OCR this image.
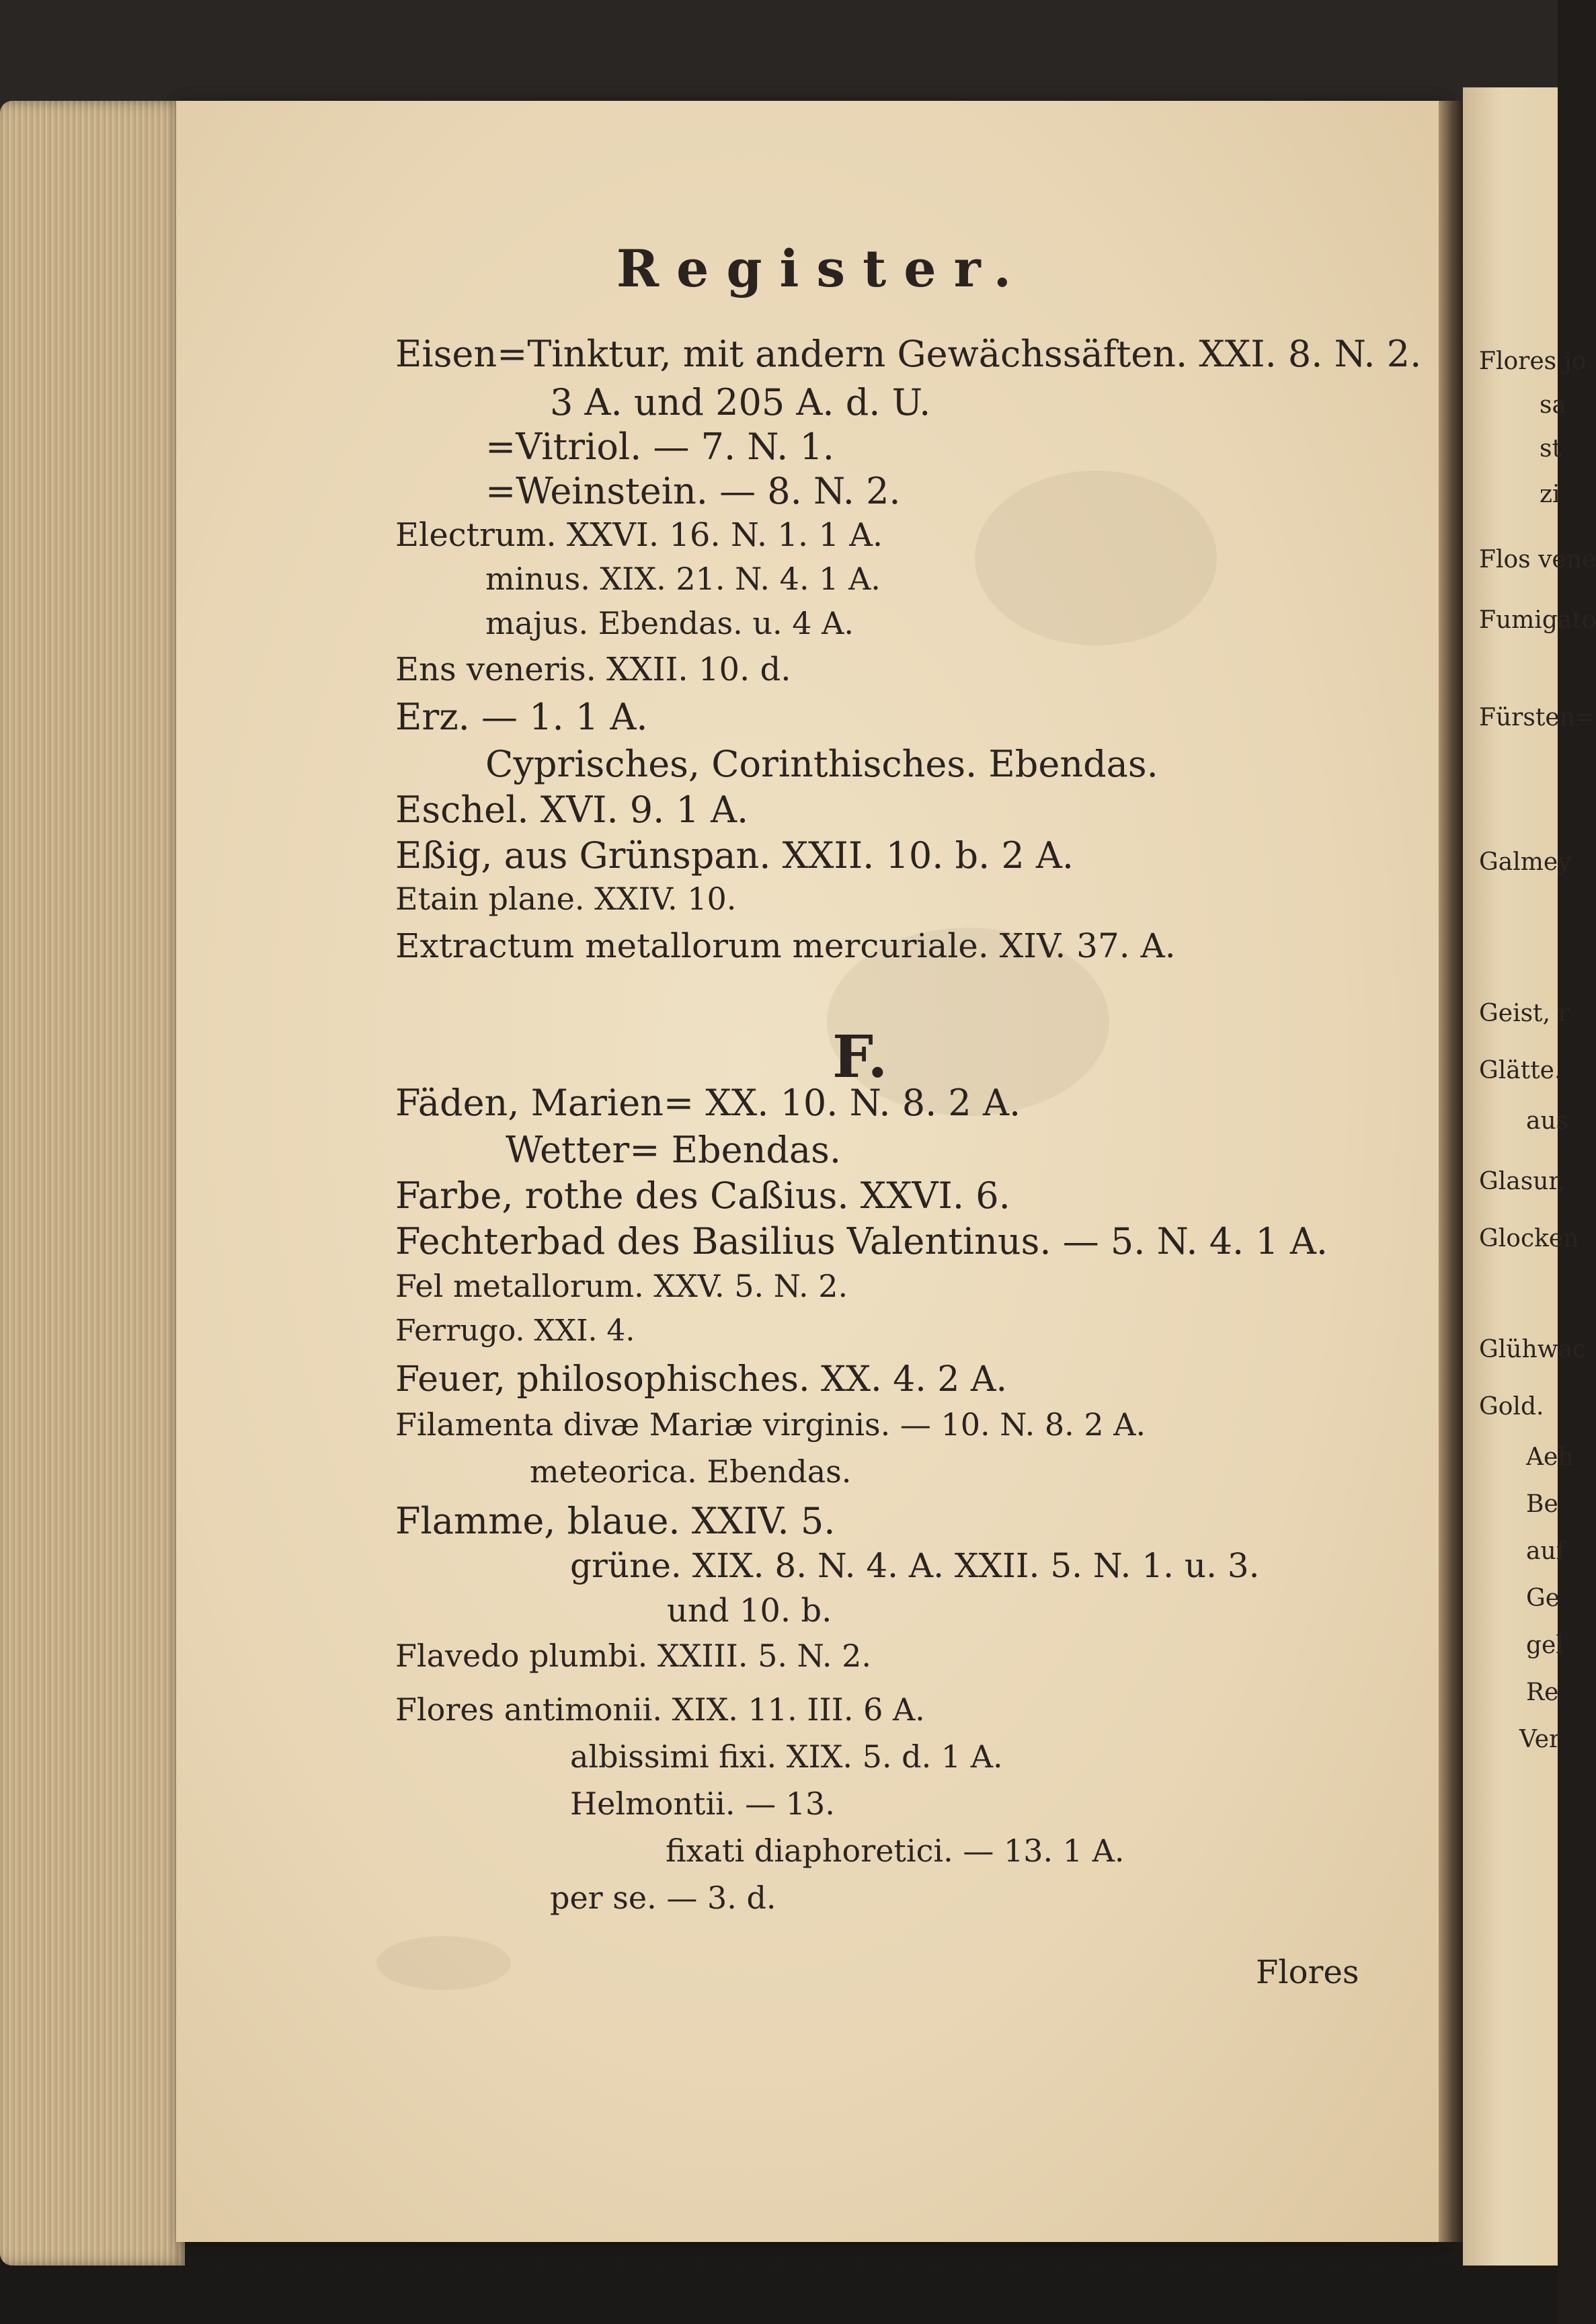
Register.
Eisen=Tinktur, mit andern Gewächssäften. XXI. 8. N. 2.
3 A. und 205 A. d. U.
=Vitriol. — 7. N. 1.
=Weinstein. — 8. N. 2.
Electrum. XXVI. 16. N. 1. 1 A.
minus. XIX. 21. N. 4. 1 A.
majus. Ebendas. u. 4 A.
Ens veneris. XXII. 10. d.
Erz. — 1. 1 A.
Cyprisches, Corinthisches. Ebendas.
Eschel. XVI. 9. 1 A.
Eßig, aus Grünspan. XXII. 10. b. 2 A.
Etain plane. XXIV. 10.
Extractum metallorum mercuriale. XIV. 37. A.
F.
Fäden, Marien= XX. 10. N. 8. 2 A.
Wetter= Ebendas.
Farbe, rothe des Caßius. XXVI. 6.
Fechterbad des Basilius Valentinus. — 5. N. 4. 1 A.
Fel metallorum. XXV. 5. N. 2.
Ferrugo. XXI. 4.
Feuer, philosophisches. XX. 4. 2 A.
Filamenta divæ Mariæ virginis. — 10. N. 8. 2 A.
meteorica. Ebendas.
Flamme, blaue. XXIV. 5.
grüne. XIX. 8. N. 4. A. XXII. 5. N. 1. u. 3.
und 10. b.
Flavedo plumbi. XXIII. 5. N. 2.
Flores antimonii. XIX. 11. III. 6 A.
albissimi fixi. XIX. 5. d. 1 A.
Helmontii. — 13.
fixati diaphoretici. — 13. 1 A.
per se. — 3. d.
Flores
Flores jo
sa
st
zi
Flos vene
Fumigato
Fürsten=
Galmey
Geist, r
Glätte.
aus
Glasur,
Glocken
Glühwac
Gold.
Aeh
Be
auf
Ge
gel
Re
Ver
